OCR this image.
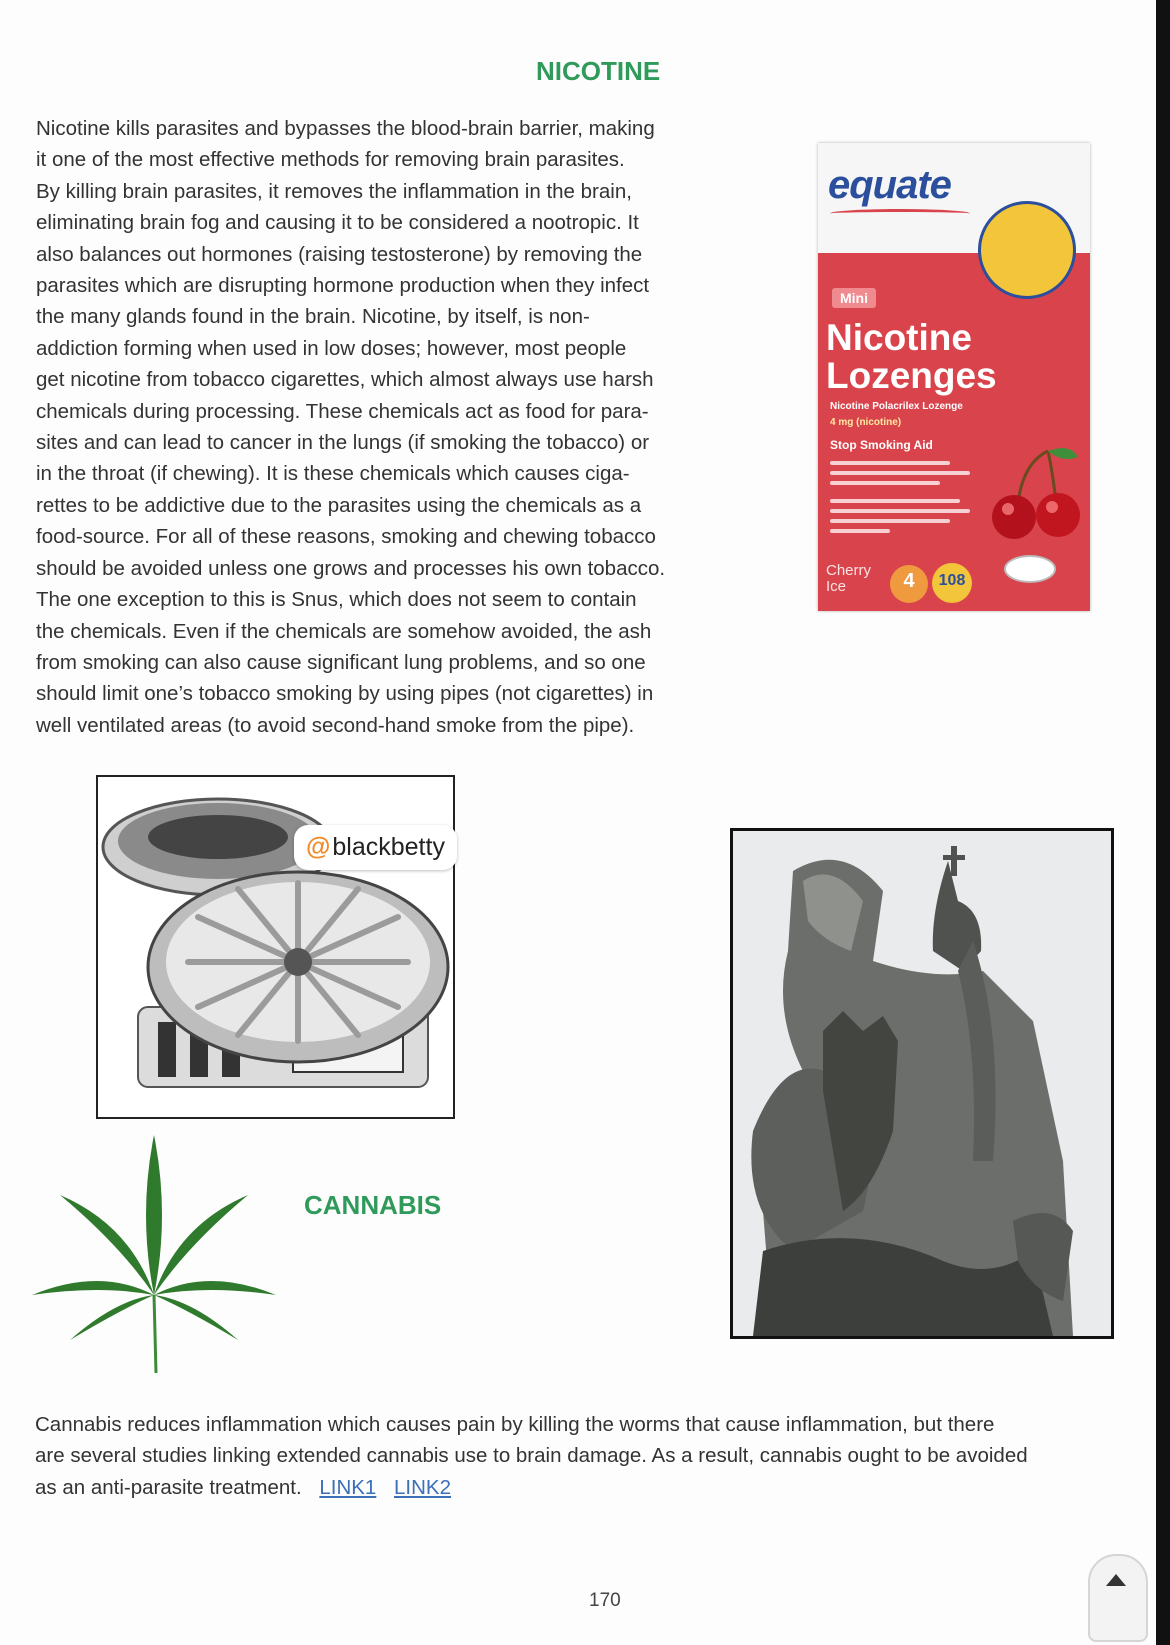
NICOTINE
Nicotine kills parasites and bypasses the blood-brain barrier, making
it one of the most effective methods for removing brain parasites.
By killing brain parasites, it removes the inflammation in the brain,
eliminating brain fog and causing it to be considered a nootropic. It
also balances out hormones (raising testosterone) by removing the
parasites which are disrupting hormone production when they infect
the many glands found in the brain. Nicotine, by itself, is non-
addiction forming when used in low doses; however, most people
get nicotine from tobacco cigarettes, which almost always use harsh
chemicals during processing. These chemicals act as food for para-
sites and can lead to cancer in the lungs (if smoking the tobacco) or
in the throat (if chewing). It is these chemicals which causes ciga-
rettes to be addictive due to the parasites using the chemicals as a
food-source. For all of these reasons, smoking and chewing tobacco
should be avoided unless one grows and processes his own tobacco.
The one exception to this is Snus, which does not seem to contain
the chemicals. Even if the chemicals are somehow avoided, the ash
from smoking can also cause significant lung problems, and so one
should limit one’s tobacco smoking by using pipes (not cigarettes) in
well ventilated areas (to avoid second-hand smoke from the pipe).
equate
Mini
Nicotine
Lozenges
Nicotine Polacrilex Lozenge
4 mg (nicotine)
Stop Smoking Aid
Cherry
Ice	4	108
@blackbetty
CANNABIS
Cannabis reduces inflammation which causes pain by killing the worms that cause inflammation, but there
are several studies linking extended cannabis use to brain damage. As a result, cannabis ought to be avoided
as an anti-parasite treatment. LINK1 LINK2
170
